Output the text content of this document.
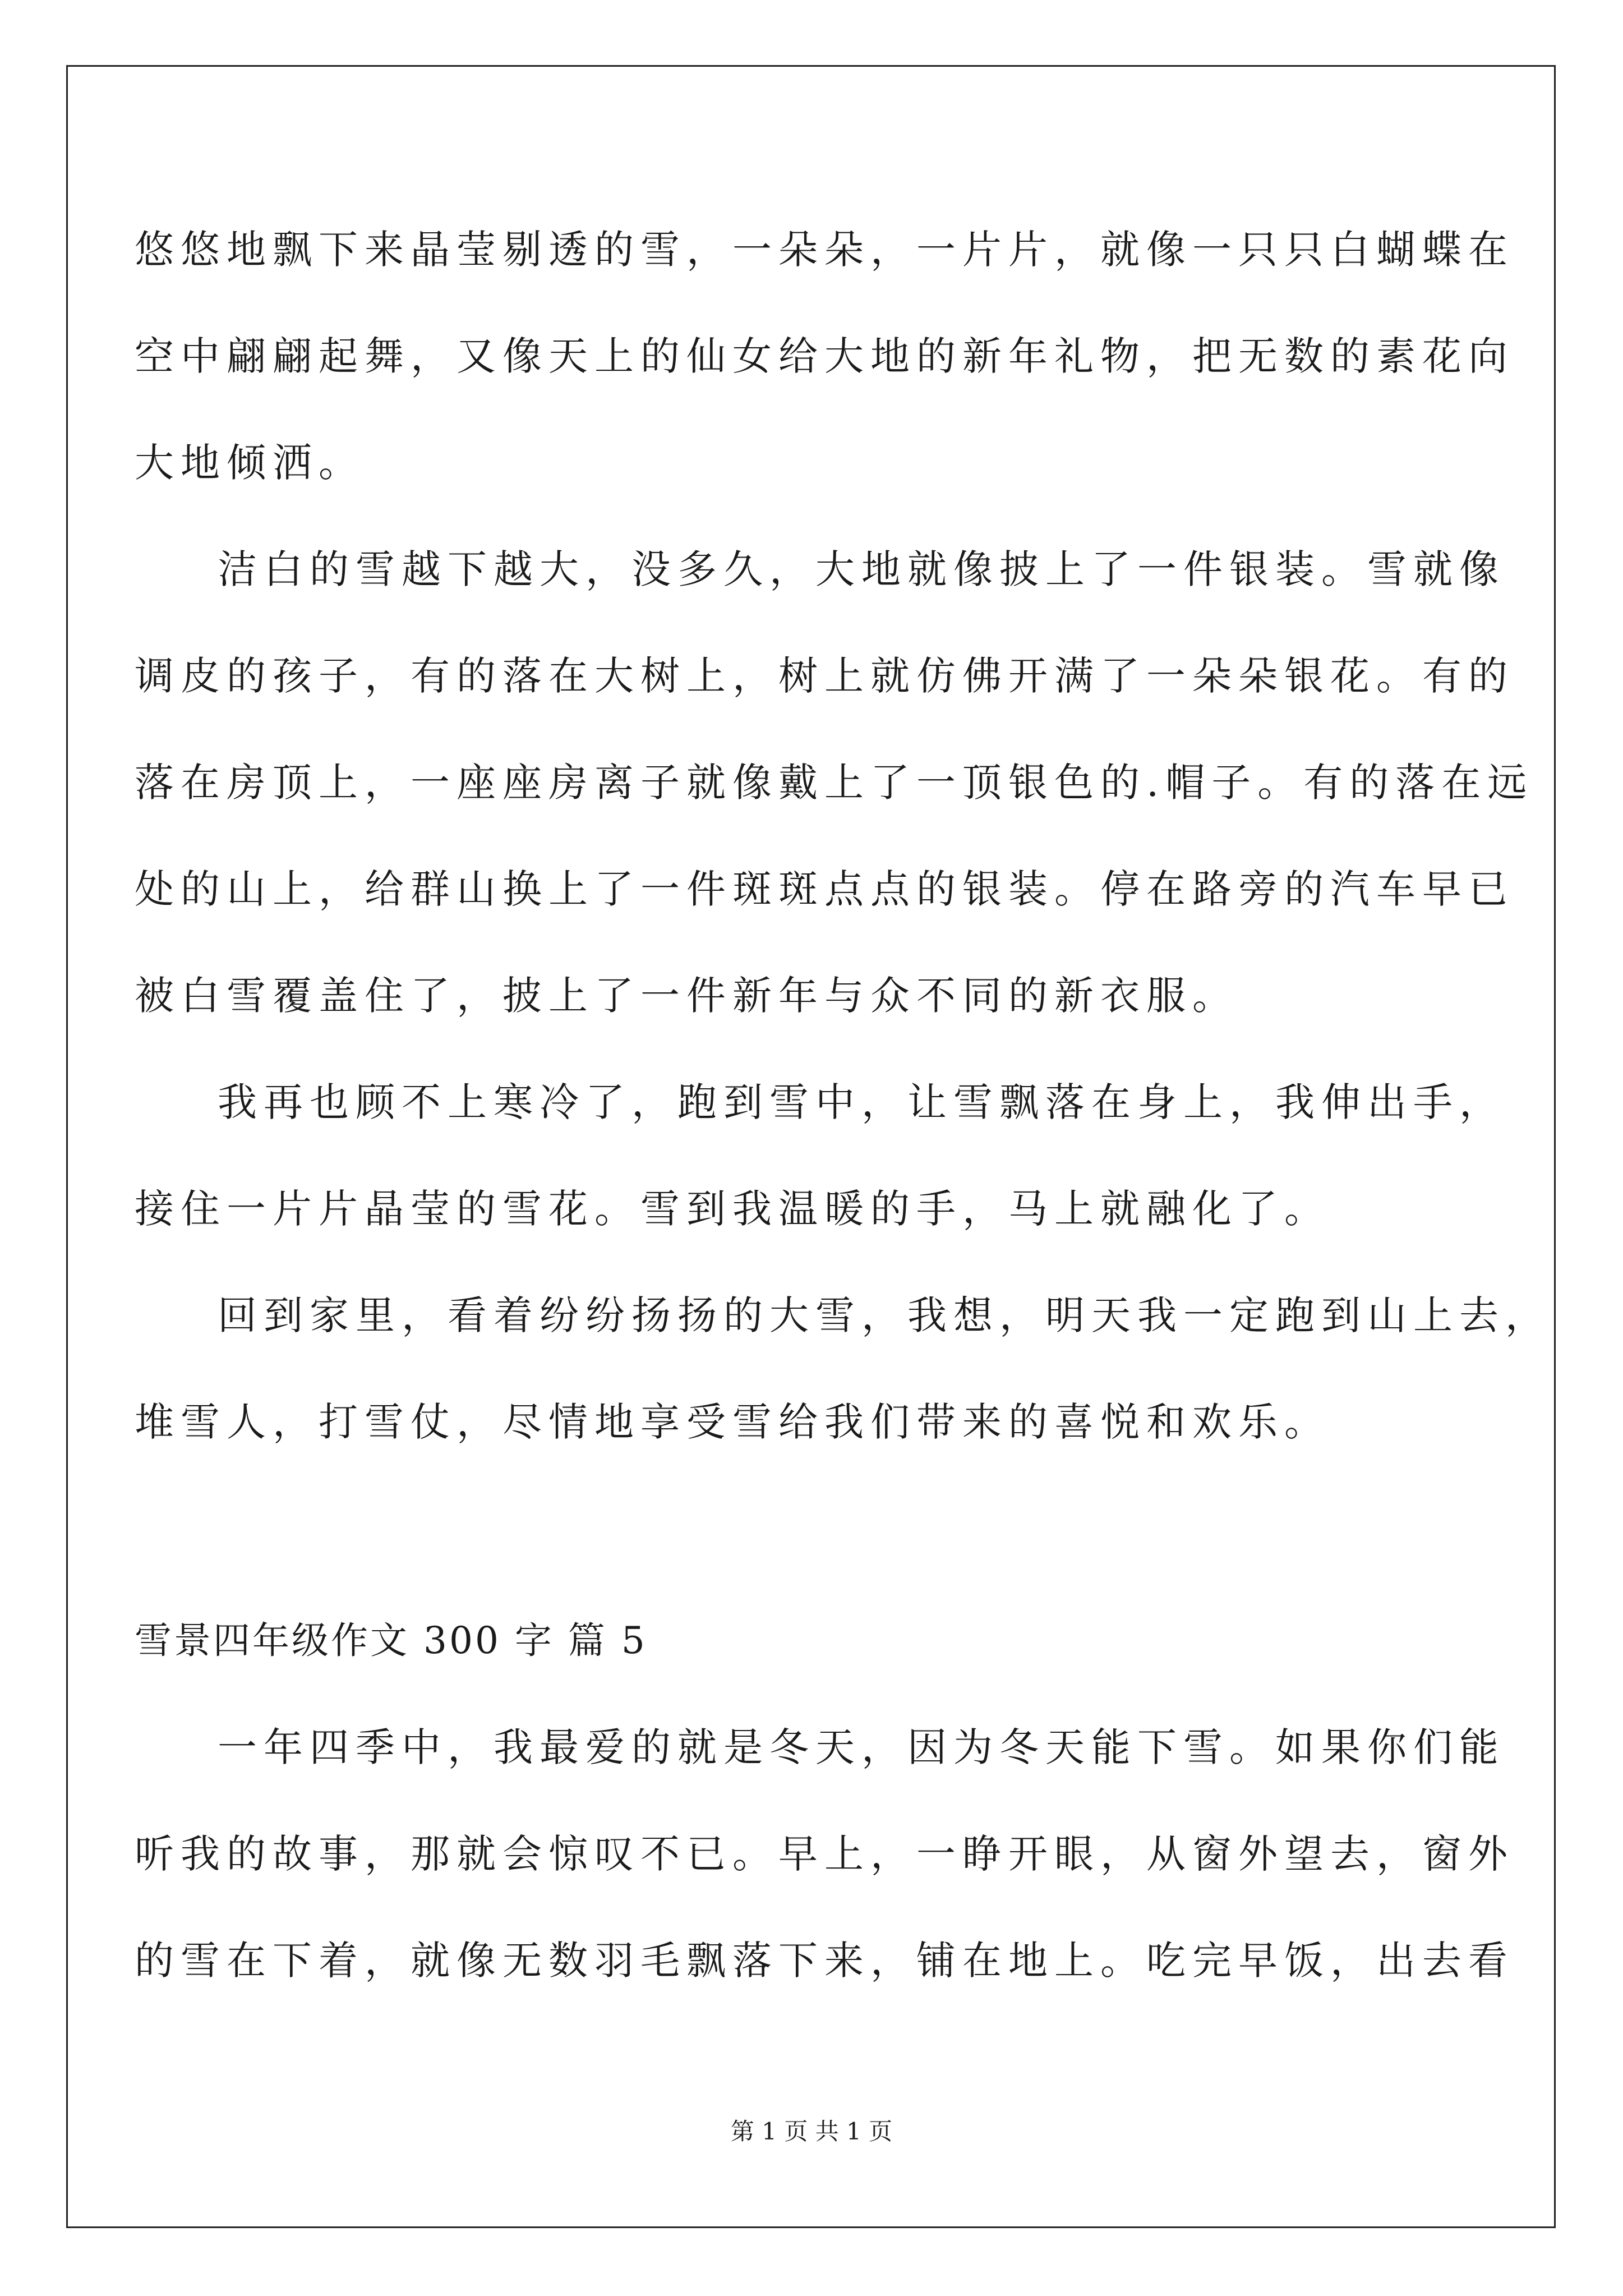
悠悠地飘下来晶莹剔透的雪，一朵朵，一片片，就像一只只白蝴蝶在
空中翩翩起舞，又像天上的仙女给大地的新年礼物，把无数的素花向
大地倾洒。
洁白的雪越下越大，没多久，大地就像披上了一件银装。雪就像
调皮的孩子，有的落在大树上，树上就仿佛开满了一朵朵银花。有的
落在房顶上，一座座房离子就像戴上了一顶银色的.帽子。有的落在远
处的山上，给群山换上了一件斑斑点点的银装。停在路旁的汽车早已
被白雪覆盖住了，披上了一件新年与众不同的新衣服。
我再也顾不上寒冷了，跑到雪中，让雪飘落在身上，我伸出手，
接住一片片晶莹的雪花。雪到我温暖的手，马上就融化了。
回到家里，看着纷纷扬扬的大雪，我想，明天我一定跑到山上去，
堆雪人，打雪仗，尽情地享受雪给我们带来的喜悦和欢乐。
雪景四年级作文 300 字 篇 5
一年四季中，我最爱的就是冬天，因为冬天能下雪。如果你们能
听我的故事，那就会惊叹不已。早上，一睁开眼，从窗外望去，窗外
的雪在下着，就像无数羽毛飘落下来，铺在地上。吃完早饭，出去看
第 1 页 共 1 页
